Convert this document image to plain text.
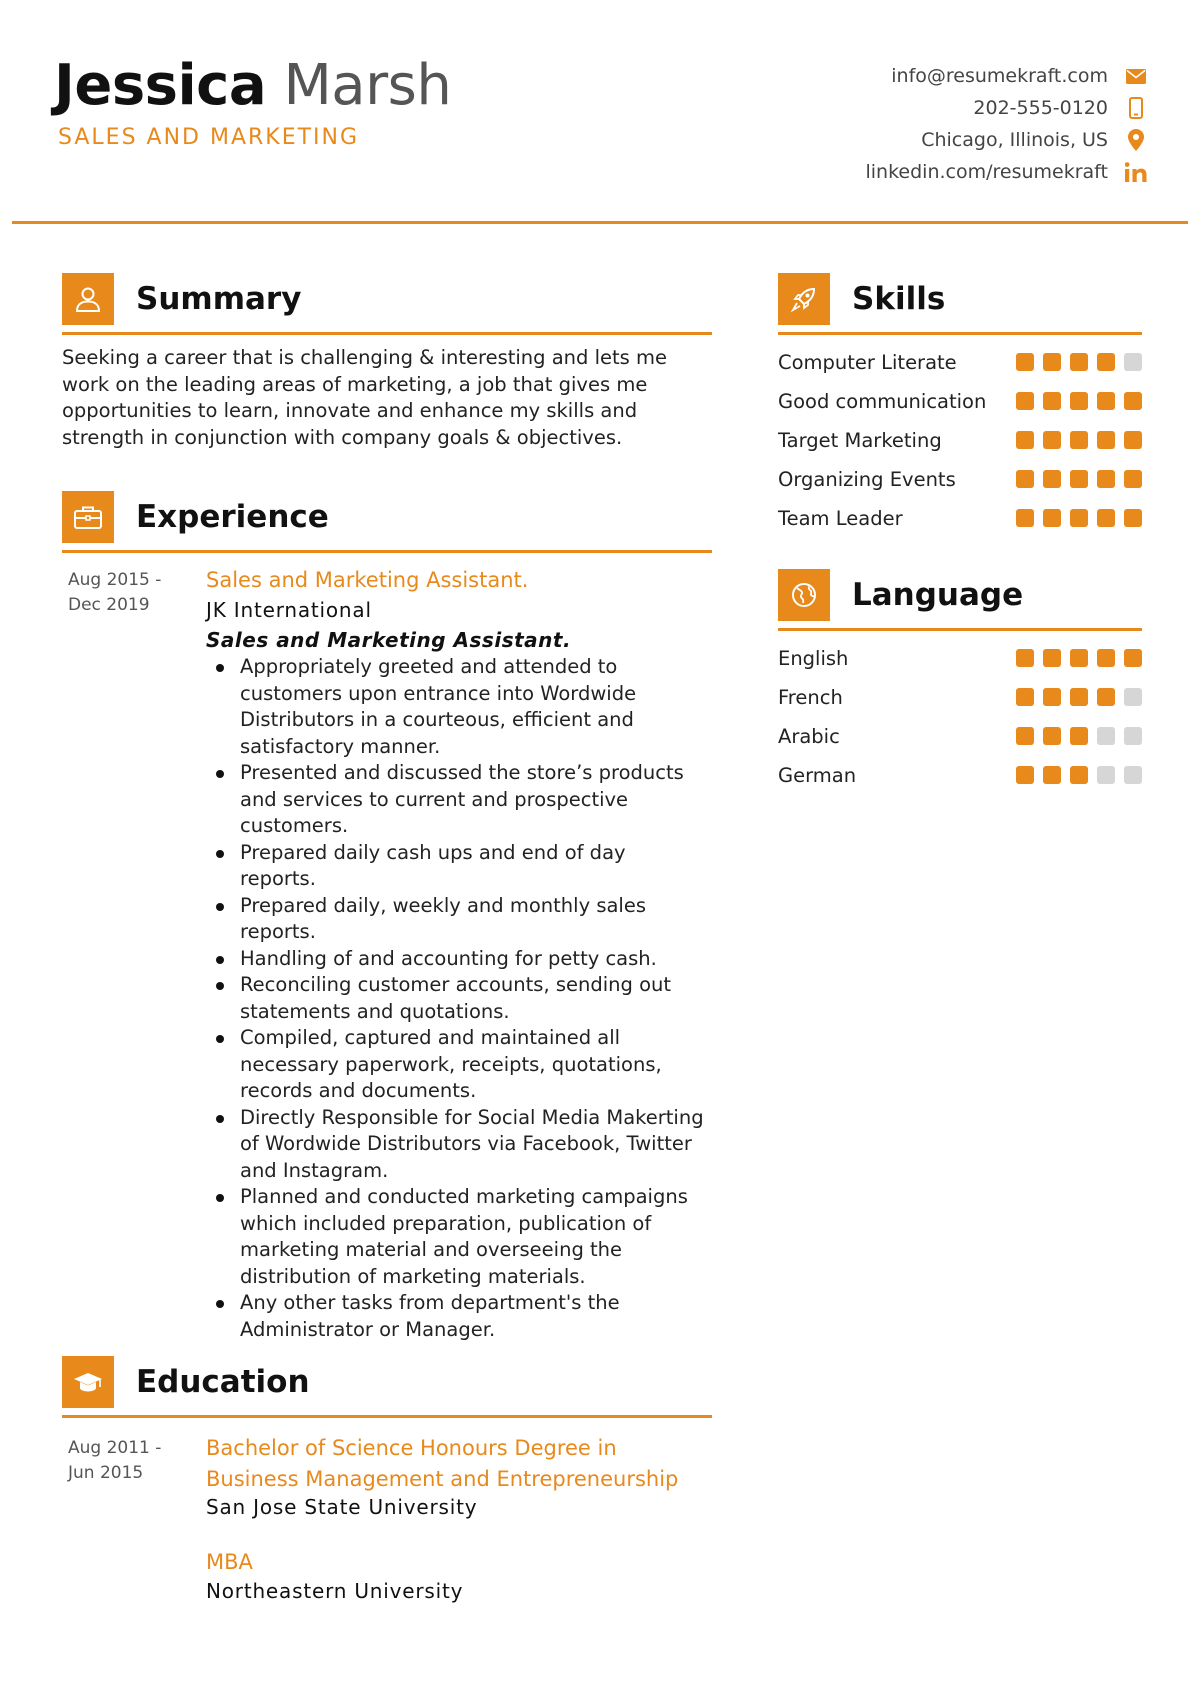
Jessica Marsh
SALES AND MARKETING
info@resumekraft.com
202-555-0120
Chicago, Illinois, US
linkedin.com/resumekraft
Summary
Seeking a career that is challenging & interesting and lets me work on the leading areas of marketing, a job that gives me opportunities to learn, innovate and enhance my skills and strength in conjunction with company goals & objectives.
Experience
Aug 2015 -
Dec 2019
Sales and Marketing Assistant.
JK International
Sales and Marketing Assistant.
Appropriately greeted and attended to customers upon entrance into Wordwide Distributors in a courteous, efficient and satisfactory manner.
Presented and discussed the store’s products and services to current and prospective customers.
Prepared daily cash ups and end of day reports.
Prepared daily, weekly and monthly sales reports.
Handling of and accounting for petty cash.
Reconciling customer accounts, sending out statements and quotations.
Compiled, captured and maintained all necessary paperwork, receipts, quotations, records and documents.
Directly Responsible for Social Media Makerting of Wordwide Distributors via Facebook, Twitter and Instagram.
Planned and conducted marketing campaigns which included preparation, publication of marketing material and overseeing the distribution of marketing materials.
Any other tasks from department's the Administrator or Manager.
Education
Aug 2011 -
Jun 2015
Bachelor of Science Honours Degree in
Business Management and Entrepreneurship
San Jose State University
MBA
Northeastern University
Skills
Computer Literate
Good communication
Target Marketing
Organizing Events
Team Leader
Language
English
French
Arabic
German
